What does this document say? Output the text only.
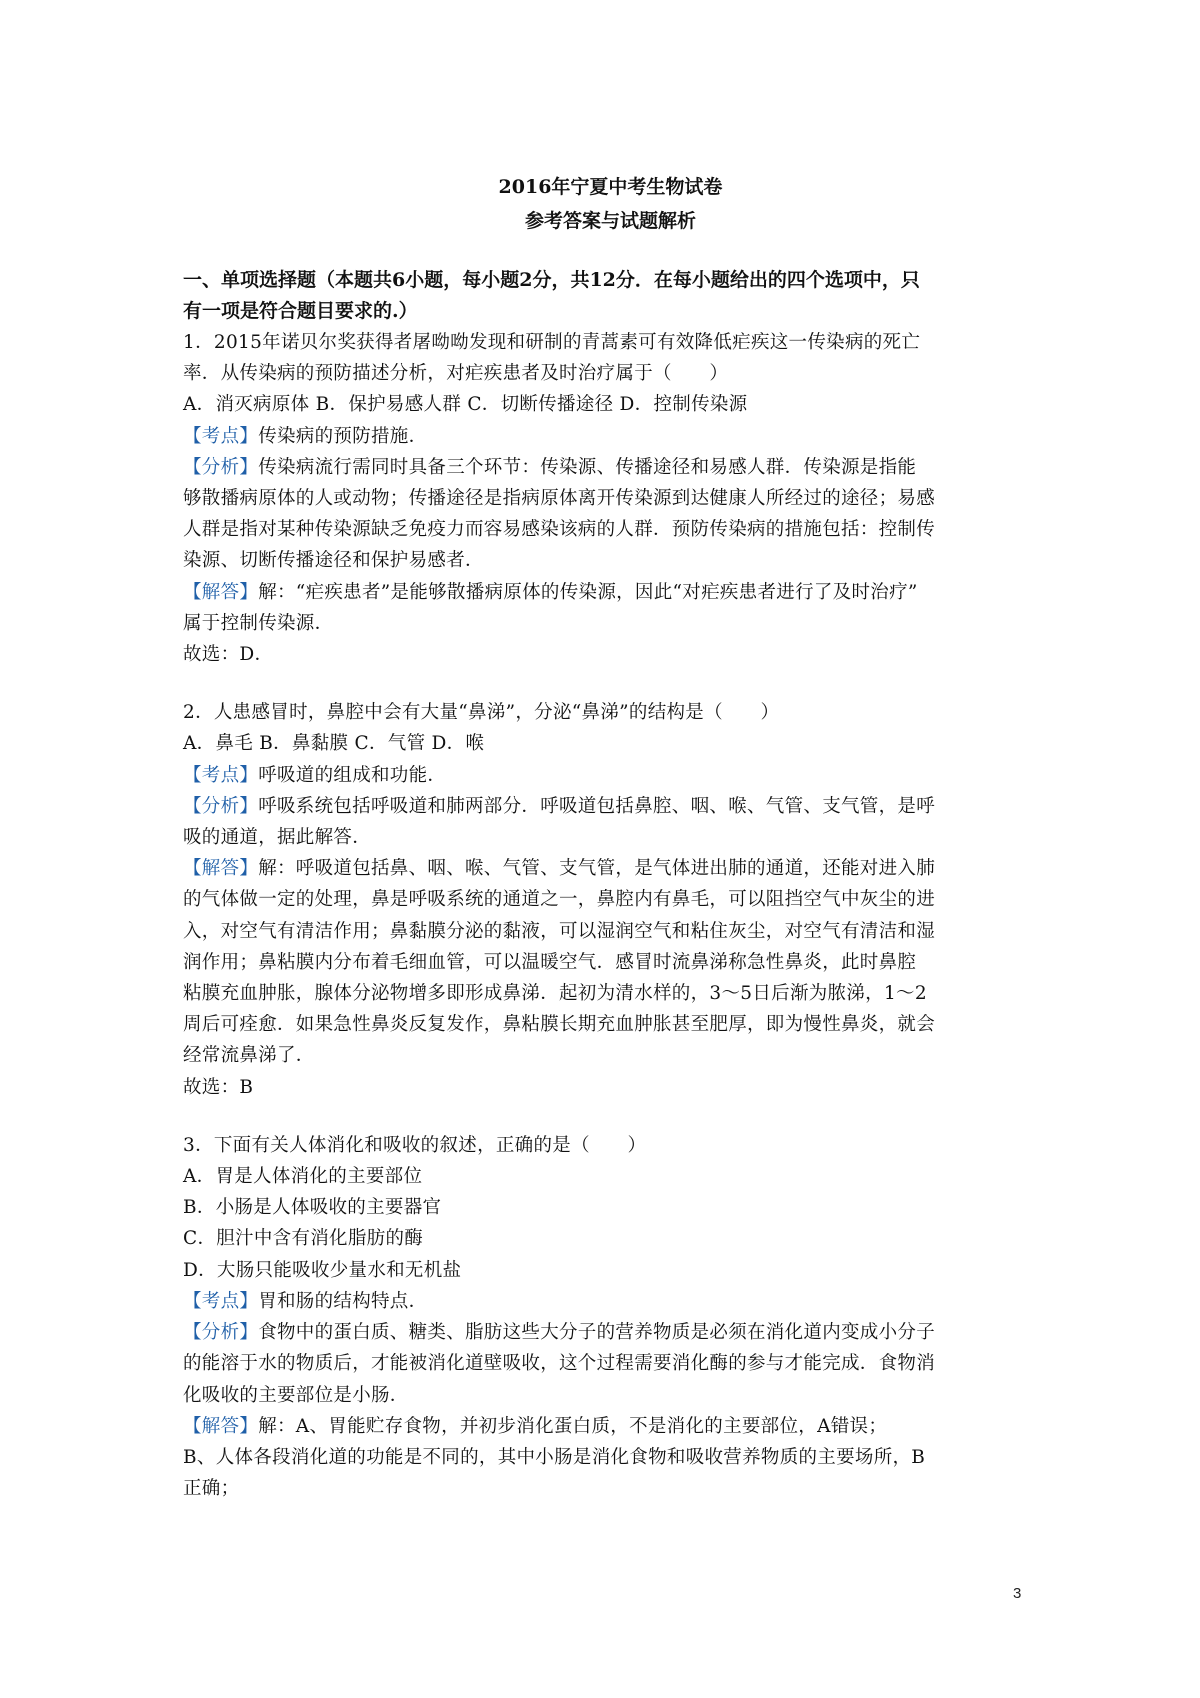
2016年宁夏中考生物试卷
参考答案与试题解析
一、单项选择题（本题共6小题，每小题2分，共12分．在每小题给出的四个选项中，只
有一项是符合题目要求的.）
1．2015年诺贝尔奖获得者屠呦呦发现和研制的青蒿素可有效降低疟疾这一传染病的死亡
率．从传染病的预防描述分析，对疟疾患者及时治疗属于（　　）
A．消灭病原体 B．保护易感人群 C．切断传播途径 D．控制传染源
【考点】传染病的预防措施．
【分析】传染病流行需同时具备三个环节：传染源、传播途径和易感人群．传染源是指能
够散播病原体的人或动物；传播途径是指病原体离开传染源到达健康人所经过的途径；易感
人群是指对某种传染源缺乏免疫力而容易感染该病的人群．预防传染病的措施包括：控制传
染源、切断传播途径和保护易感者．
【解答】解：“疟疾患者”是能够散播病原体的传染源，因此“对疟疾患者进行了及时治疗”
属于控制传染源．
故选：D．
2．人患感冒时，鼻腔中会有大量“鼻涕”，分泌“鼻涕”的结构是（　　）
A．鼻毛 B．鼻黏膜 C．气管 D．喉
【考点】呼吸道的组成和功能．
【分析】呼吸系统包括呼吸道和肺两部分．呼吸道包括鼻腔、咽、喉、气管、支气管，是呼
吸的通道，据此解答．
【解答】解：呼吸道包括鼻、咽、喉、气管、支气管，是气体进出肺的通道，还能对进入肺
的气体做一定的处理，鼻是呼吸系统的通道之一，鼻腔内有鼻毛，可以阻挡空气中灰尘的进
入，对空气有清洁作用；鼻黏膜分泌的黏液，可以湿润空气和粘住灰尘，对空气有清洁和湿
润作用；鼻粘膜内分布着毛细血管，可以温暖空气．感冒时流鼻涕称急性鼻炎，此时鼻腔
粘膜充血肿胀，腺体分泌物增多即形成鼻涕．起初为清水样的，3～5日后渐为脓涕，1～2
周后可痊愈．如果急性鼻炎反复发作，鼻粘膜长期充血肿胀甚至肥厚，即为慢性鼻炎，就会
经常流鼻涕了．
故选：B
3．下面有关人体消化和吸收的叙述，正确的是（　　）
A．胃是人体消化的主要部位
B．小肠是人体吸收的主要器官
C．胆汁中含有消化脂肪的酶
D．大肠只能吸收少量水和无机盐
【考点】胃和肠的结构特点．
【分析】食物中的蛋白质、糖类、脂肪这些大分子的营养物质是必须在消化道内变成小分子
的能溶于水的物质后，才能被消化道壁吸收，这个过程需要消化酶的参与才能完成．食物消
化吸收的主要部位是小肠．
【解答】解：A、胃能贮存食物，并初步消化蛋白质，不是消化的主要部位，A错误；
B、人体各段消化道的功能是不同的，其中小肠是消化食物和吸收营养物质的主要场所，B
正确；
3
